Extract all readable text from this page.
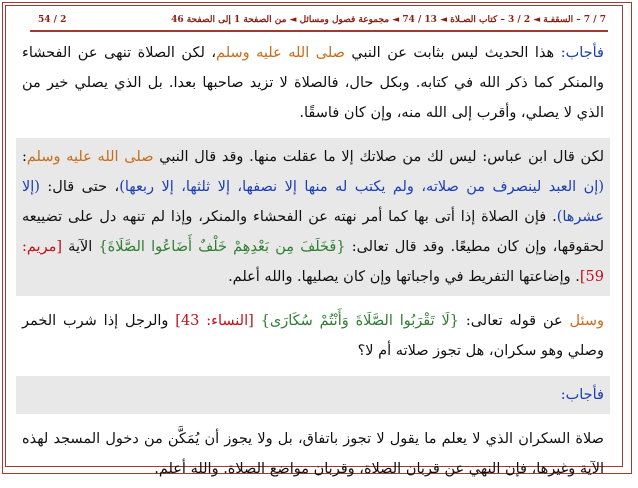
7 / 7 – السقفـة ◄ 2 / 3 – كتاب الصـلاة ◄ 13 / 74 ◄ مجموعة فصول ومسائل ◄ من الصفحة 1 إلى الصفحة 46
54 / 2

فأجاب: هذا الحديث ليس بثابت عن النبي صلى الله عليه وسلم، لكن الصلاة تنهى عن الفحشاء والمنكر كما ذكر الله في كتابه. وبكل حال، فالصلاة لا تزيد صاحبها بعدا. بل الذي يصلي خير من الذي لا يصلي، وأقرب إلى الله منه، وإن كان فاسقًا.

لكن قال ابن عباس: ليس لك من صلاتك إلا ما عقلت منها. وقد قال النبي صلى الله عليه وسلم: (إن العبد لينصرف من صلاته، ولم يكتب له منها إلا نصفها، إلا ثلثها، إلا ربعها)، حتى قال: (إلا عشرها). فإن الصلاة إذا أتى بها كما أمر نهته عن الفحشاء والمنكر، وإذا لم تنهه دل على تضييعه لحقوقها، وإن كان مطيعًا. وقد قال تعالى: {فَخَلَفَ مِن بَعْدِهِمْ خَلْفٌ أَضَاعُوا الصَّلَاةَ} الآية [مريم: 59]. وإضاعتها التفريط في واجباتها وإن كان يصليها. والله أعلم.

وسئل عن قوله تعالى: {لَا تَقْرَبُوا الصَّلَاةَ وَأَنْتُمْ سُكَارَى} [النساء: 43] والرجل إذا شرب الخمر وصلي وهو سكران، هل تجوز صلاته أم لا؟

فأجاب:

صلاة السكران الذي لا يعلم ما يقول لا تجوز باتفاق، بل ولا يجوز أن يُمَكَّن من دخول المسجد لهذه الآية وغيرها، فإن النهي عن قربان الصلاة، وقربان مواضع الصلاة. والله أعلم.
